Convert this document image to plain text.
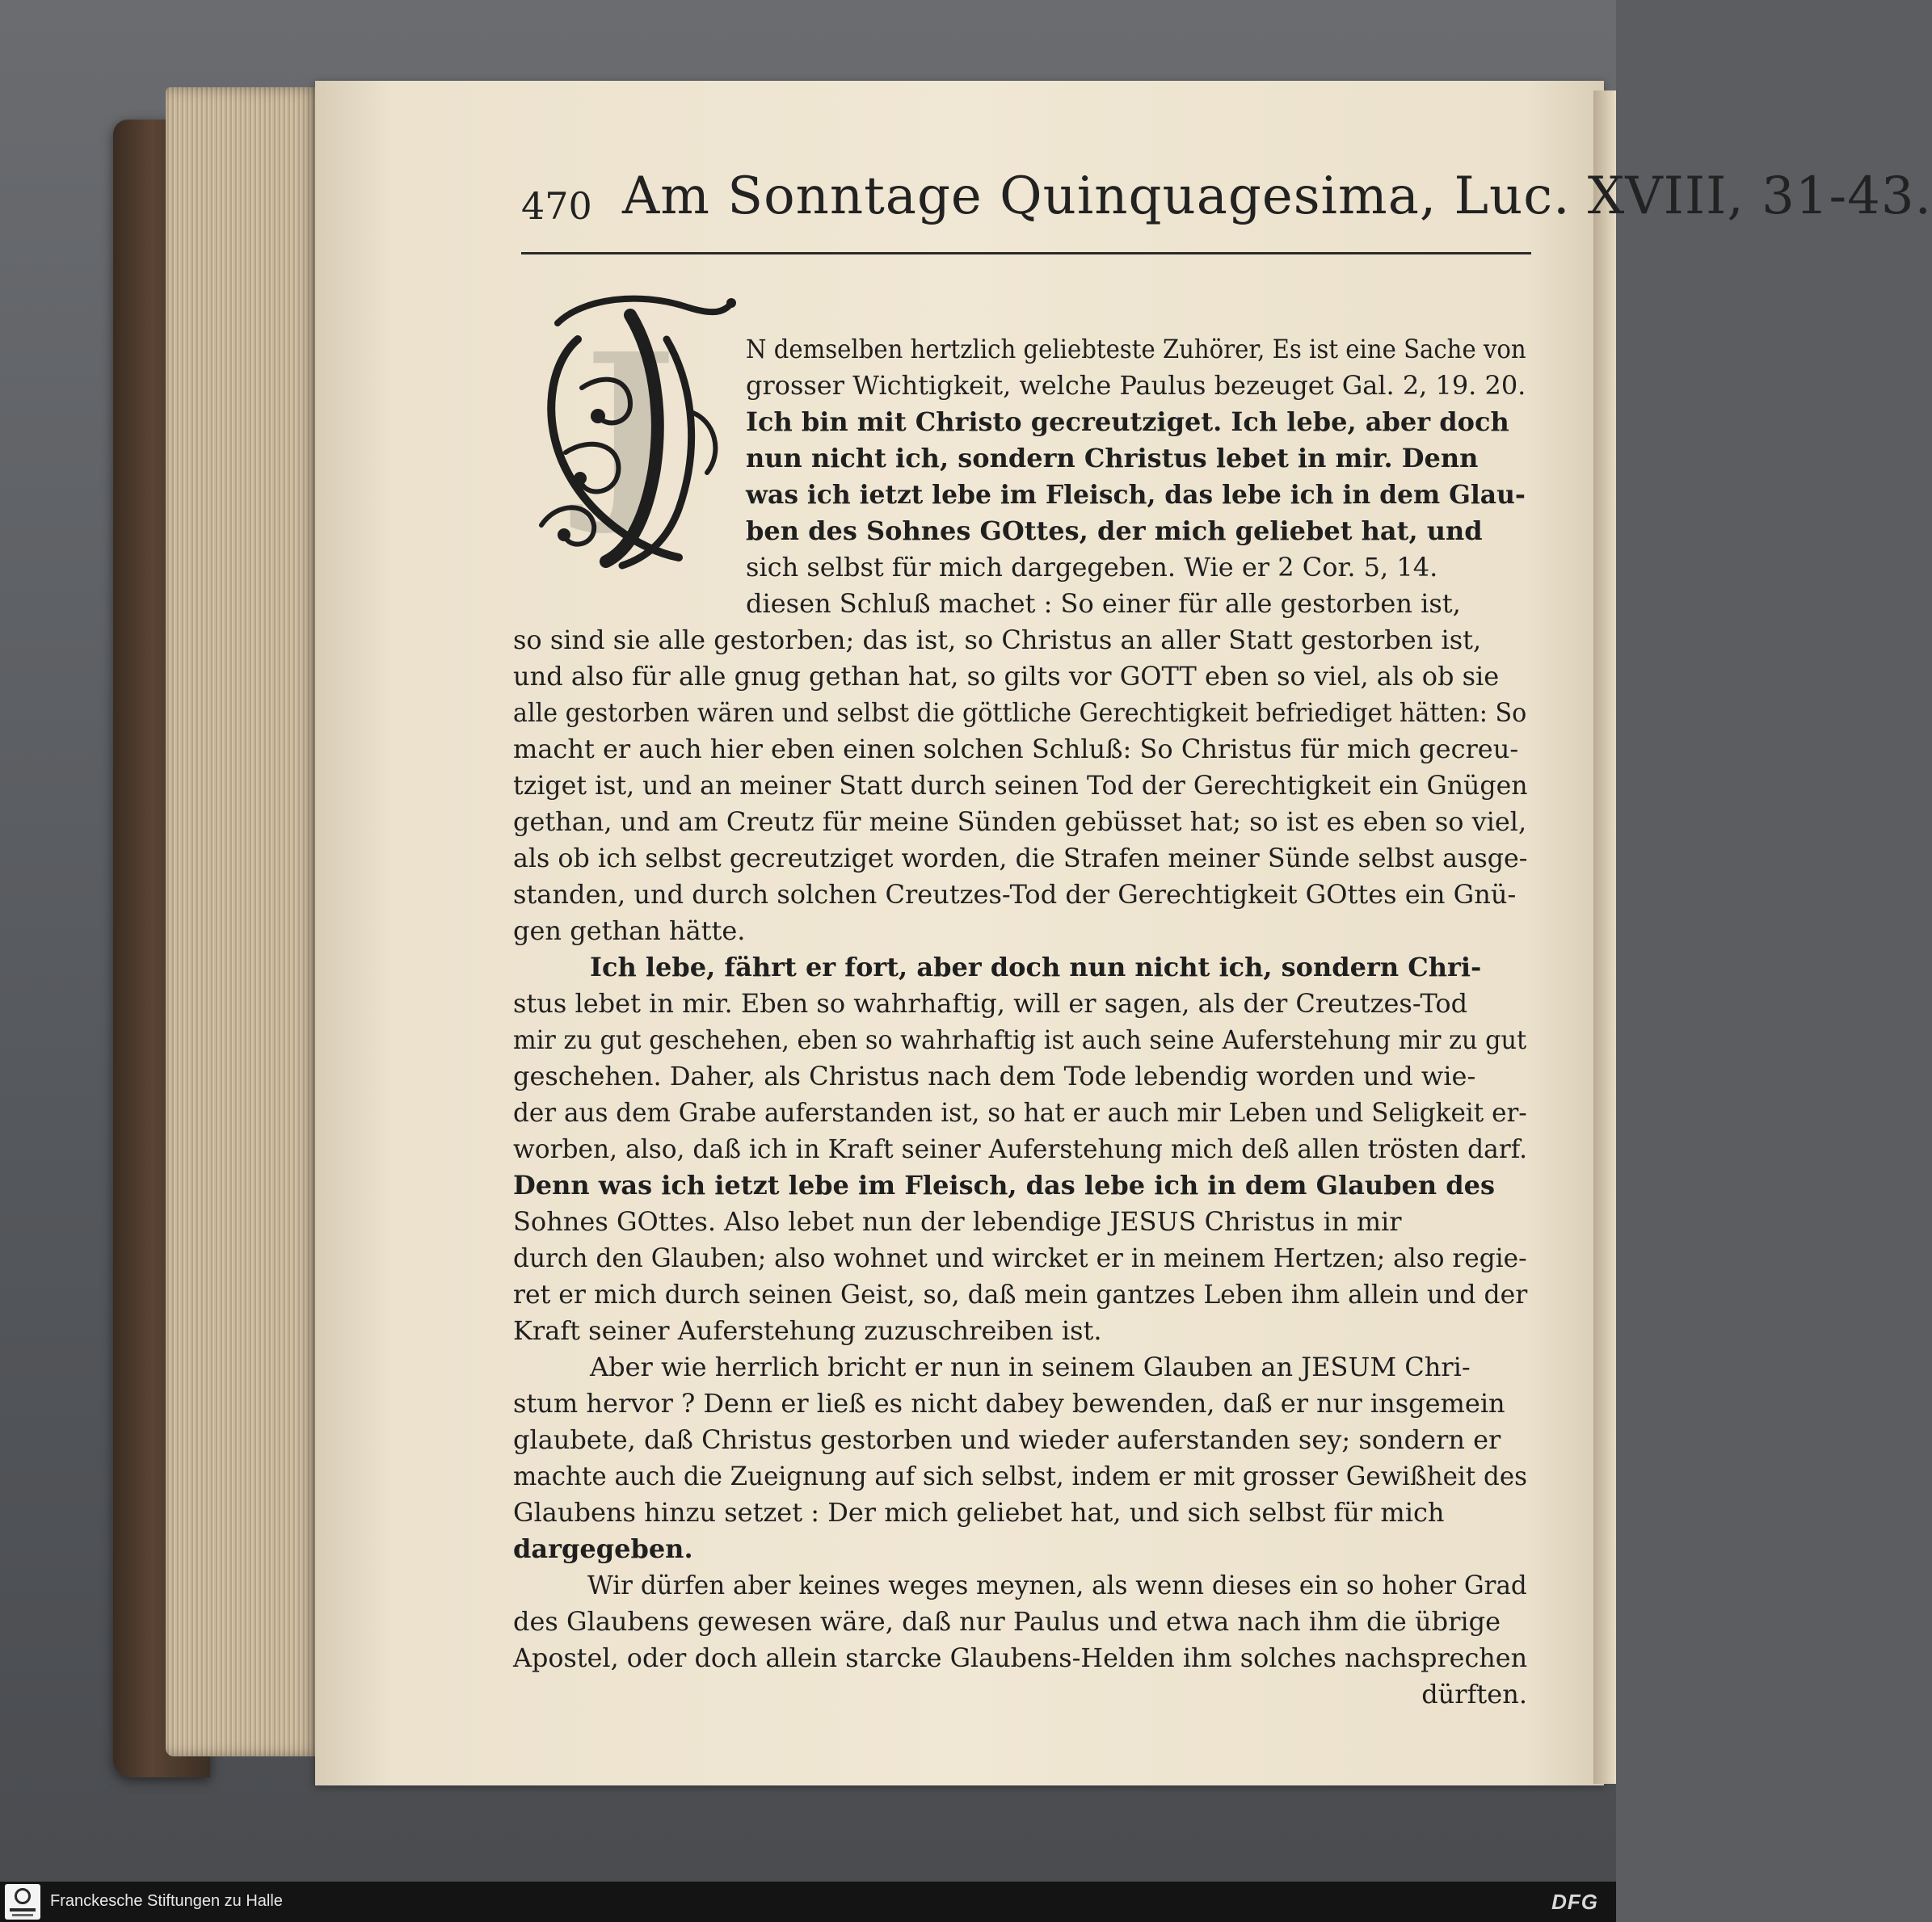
470 Am Sonntage Quinquagesima, Luc. XVIII, 31-43.
J	N demselben hertzlich geliebteste Zuhörer, Es ist eine Sache von
grosser Wichtigkeit, welche Paulus bezeuget Gal. 2, 19. 20.
Ich bin mit Christo gecreutziget. Ich lebe, aber doch
nun nicht ich, sondern Christus lebet in mir. Denn
was ich ietzt lebe im Fleisch, das lebe ich in dem Glau-
ben des Sohnes GOttes, der mich geliebet hat, und
sich selbst für mich dargegeben. Wie er 2 Cor. 5, 14.
diesen Schluß machet : So einer für alle gestorben ist,
so sind sie alle gestorben; das ist, so Christus an aller Statt gestorben ist,
und also für alle gnug gethan hat, so gilts vor GOTT eben so viel, als ob sie
alle gestorben wären und selbst die göttliche Gerechtigkeit befriediget hätten: So
macht er auch hier eben einen solchen Schluß: So Christus für mich gecreu-
tziget ist, und an meiner Statt durch seinen Tod der Gerechtigkeit ein Gnügen
gethan, und am Creutz für meine Sünden gebüsset hat; so ist es eben so viel,
als ob ich selbst gecreutziget worden, die Strafen meiner Sünde selbst ausge-
standen, und durch solchen Creutzes-Tod der Gerechtigkeit GOttes ein Gnü-
gen gethan hätte.
Ich lebe, fährt er fort, aber doch nun nicht ich, sondern Chri-
stus lebet in mir. Eben so wahrhaftig, will er sagen, als der Creutzes-Tod
mir zu gut geschehen, eben so wahrhaftig ist auch seine Auferstehung mir zu gut
geschehen. Daher, als Christus nach dem Tode lebendig worden und wie-
der aus dem Grabe auferstanden ist, so hat er auch mir Leben und Seligkeit er-
worben, also, daß ich in Kraft seiner Auferstehung mich deß allen trösten darf.
Denn was ich ietzt lebe im Fleisch, das lebe ich in dem Glauben des
Sohnes GOttes. Also lebet nun der lebendige JESUS Christus in mir
durch den Glauben; also wohnet und wircket er in meinem Hertzen; also regie-
ret er mich durch seinen Geist, so, daß mein gantzes Leben ihm allein und der
Kraft seiner Auferstehung zuzuschreiben ist.
Aber wie herrlich bricht er nun in seinem Glauben an JESUM Chri-
stum hervor ? Denn er ließ es nicht dabey bewenden, daß er nur insgemein
glaubete, daß Christus gestorben und wieder auferstanden sey; sondern er
machte auch die Zueignung auf sich selbst, indem er mit grosser Gewißheit des
Glaubens hinzu setzet : Der mich geliebet hat, und sich selbst für mich
dargegeben.
Wir dürfen aber keines weges meynen, als wenn dieses ein so hoher Grad
des Glaubens gewesen wäre, daß nur Paulus und etwa nach ihm die übrige
Apostel, oder doch allein starcke Glaubens-Helden ihm solches nachsprechen
dürften.
Franckesche Stiftungen zu Halle	DFG
